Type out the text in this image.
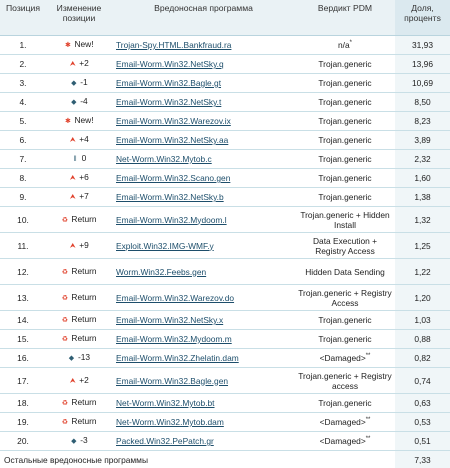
Позиция	Изменение позиции	Вредоносная программа	Вердикт PDM	Доля, процентs
1.	✱ New!	Trojan-Spy.HTML.Bankfraud.ra	n/a*	31,93
2.	⮝ +2	Email-Worm.Win32.NetSky.q	Trojan.generic	13,96
3.	◆ -1	Email-Worm.Win32.Bagle.gt	Trojan.generic	10,69
4.	◆ -4	Email-Worm.Win32.NetSky.t	Trojan.generic	8,50
5.	✱ New!	Email-Worm.Win32.Warezov.ix	Trojan.generic	8,23
6.	⮝ +4	Email-Worm.Win32.NetSky.aa	Trojan.generic	3,89
7.	‖ 0	Net-Worm.Win32.Mytob.c	Trojan.generic	2,32
8.	⮝ +6	Email-Worm.Win32.Scano.gen	Trojan.generic	1,60
9.	⮝ +7	Email-Worm.Win32.NetSky.b	Trojan.generic	1,38
10.	♻ Return	Email-Worm.Win32.Mydoom.l	Trojan.generic + Hidden Install	1,32
11.	⮝ +9	Exploit.Win32.IMG-WMF.y	Data Execution + Registry Access	1,25
12.	♻ Return	Worm.Win32.Feebs.gen	Hidden Data Sending	1,22
13.	♻ Return	Email-Worm.Win32.Warezov.do	Trojan.generic + Registry Access	1,20
14.	♻ Return	Email-Worm.Win32.NetSky.x	Trojan.generic	1,03
15.	♻ Return	Email-Worm.Win32.Mydoom.m	Trojan.generic	0,88
16.	◆ -13	Email-Worm.Win32.Zhelatin.dam	<Damaged>**	0,82
17.	⮝ +2	Email-Worm.Win32.Bagle.gen	Trojan.generic + Registry access	0,74
18.	♻ Return	Net-Worm.Win32.Mytob.bt	Trojan.generic	0,63
19.	♻ Return	Net-Worm.Win32.Mytob.dam	<Damaged>**	0,53
20.	◆ -3	Packed.Win32.PePatch.gr	<Damaged>**	0,51
Остальные вредоносные программы				7,33
